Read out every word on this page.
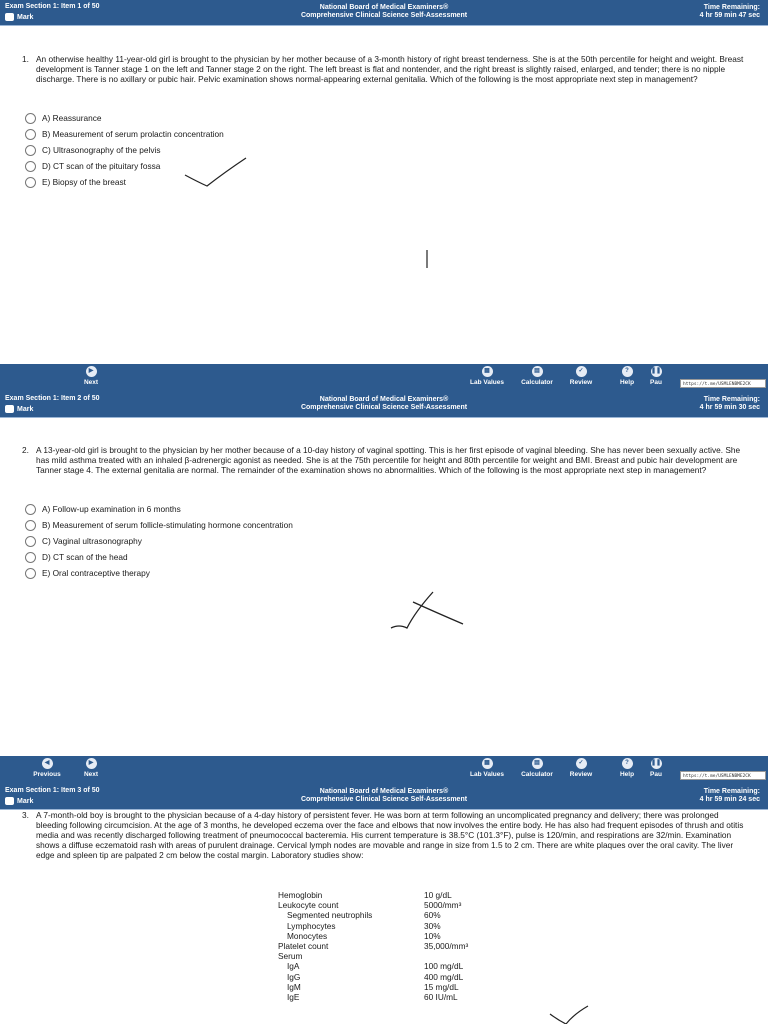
Exam Section 1: Item 1 of 50
Mark
National Board of Medical Examiners®
Comprehensive Clinical Science Self-Assessment
Time Remaining:
4 hr 59 min 47 sec
1. An otherwise healthy 11-year-old girl is brought to the physician by her mother because of a 3-month history of right breast tenderness. She is at the 50th percentile for height and weight. Breast development is Tanner stage 1 on the left and Tanner stage 2 on the right. The left breast is flat and nontender, and the right breast is slightly raised, enlarged, and tender; there is no nipple discharge. There is no axillary or pubic hair. Pelvic examination shows normal-appearing external genitalia. Which of the following is the most appropriate next step in management?
A) Reassurance
B) Measurement of serum prolactin concentration
C) Ultrasonography of the pelvis
D) CT scan of the pituitary fossa
E) Biopsy of the breast
▶
Next
▦
Lab Values
▤
Calculator
✓
Review
?
Help
❚❚
Pau	https://t.me/USMLENBME2CK
Exam Section 1: Item 2 of 50
Mark
National Board of Medical Examiners®
Comprehensive Clinical Science Self-Assessment
Time Remaining:
4 hr 59 min 30 sec
2. A 13-year-old girl is brought to the physician by her mother because of a 10-day history of vaginal spotting. This is her first episode of vaginal bleeding. She has never been sexually active. She has mild asthma treated with an inhaled β-adrenergic agonist as needed. She is at the 75th percentile for height and 80th percentile for weight and BMI. Breast and pubic hair development are Tanner stage 4. The external genitalia are normal. The remainder of the examination shows no abnormalities. Which of the following is the most appropriate next step in management?
A) Follow-up examination in 6 months
B) Measurement of serum follicle-stimulating hormone concentration
C) Vaginal ultrasonography
D) CT scan of the head
E) Oral contraceptive therapy
◀
Previous
▶
Next
▦
Lab Values
▤
Calculator
✓
Review
?
Help
❚❚
Pau	https://t.me/USMLENBME2CK
Exam Section 1: Item 3 of 50
Mark
National Board of Medical Examiners®
Comprehensive Clinical Science Self-Assessment
Time Remaining:
4 hr 59 min 24 sec
3. A 7-month-old boy is brought to the physician because of a 4-day history of persistent fever. He was born at term following an uncomplicated pregnancy and delivery; there was prolonged bleeding following circumcision. At the age of 3 months, he developed eczema over the face and elbows that now involves the entire body. He has also had frequent episodes of thrush and otitis media and was recently discharged following treatment of pneumococcal bacteremia. His current temperature is 38.5°C (101.3°F), pulse is 120/min, and respirations are 32/min. Examination shows a diffuse eczematoid rash with areas of purulent drainage. Cervical lymph nodes are movable and range in size from 1.5 to 2 cm. There are white plaques over the oral cavity. The liver edge and spleen tip are palpated 2 cm below the costal margin. Laboratory studies show:
Hemoglobin	10 g/dL
Leukocyte count	5000/mm³
Segmented neutrophils	60%
Lymphocytes	30%
Monocytes	10%
Platelet count	35,000/mm³
Serum
IgA	100 mg/dL
IgG	400 mg/dL
IgM	15 mg/dL
IgE	60 IU/mL
